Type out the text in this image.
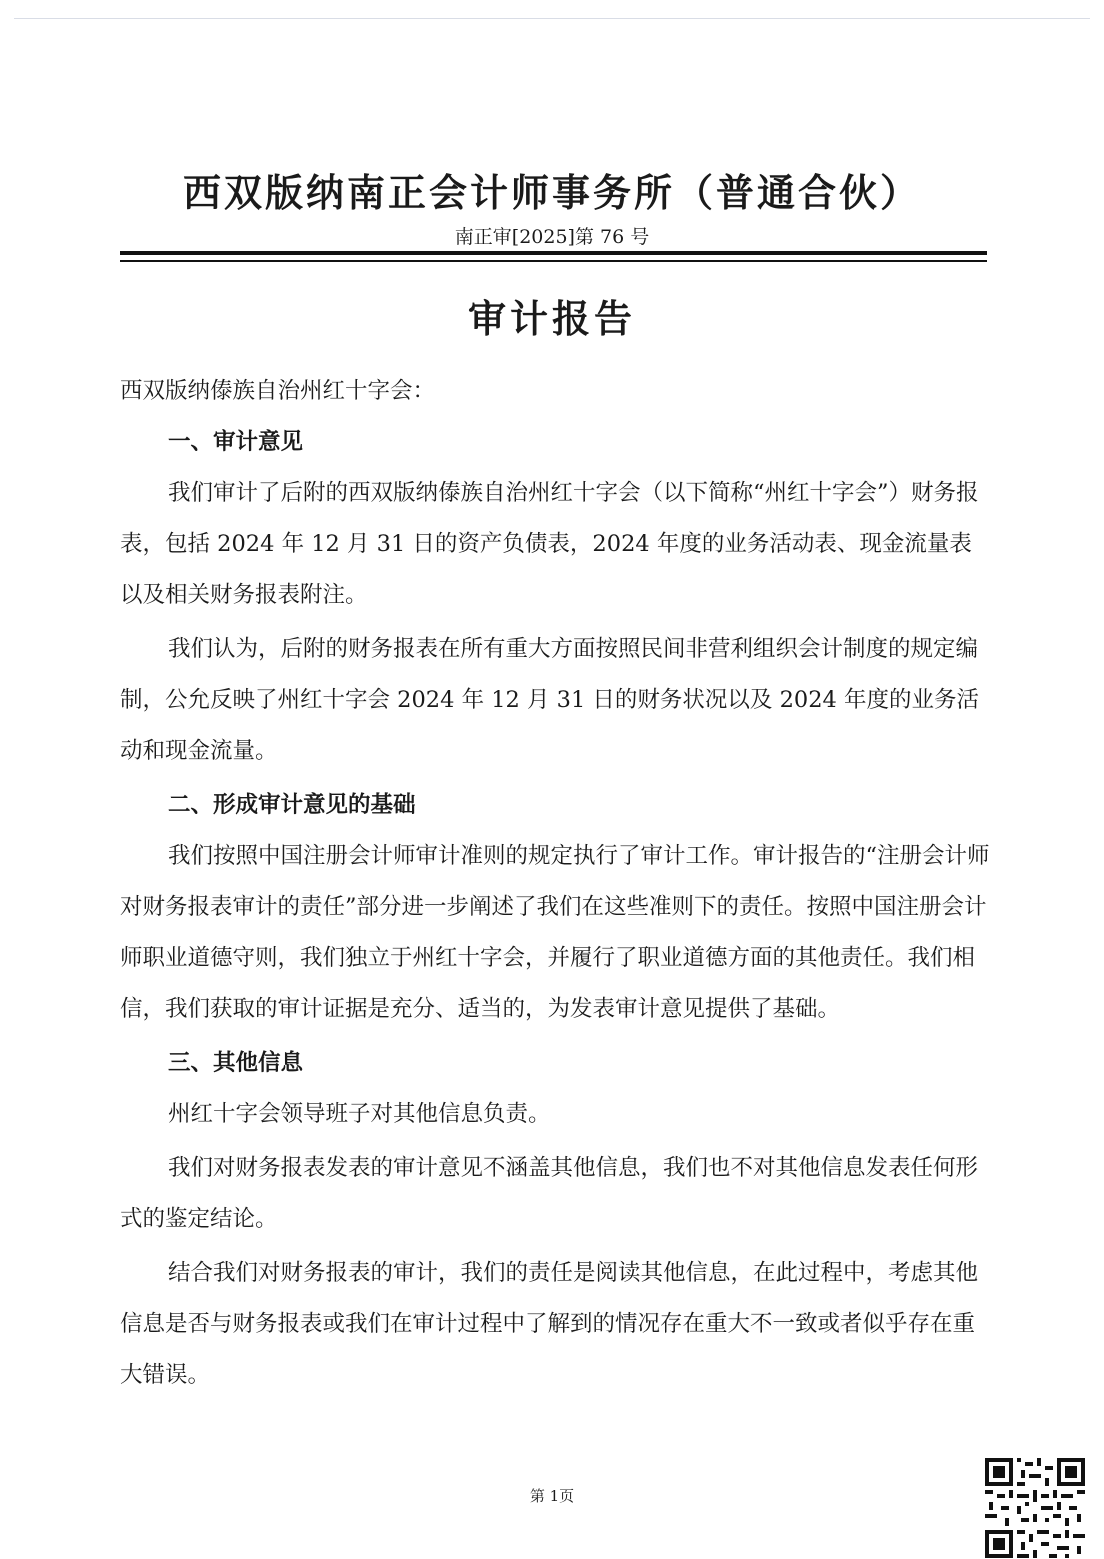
西双版纳南正会计师事务所（普通合伙）
南正审[2025]第 76 号
审计报告

西双版纳傣族自治州红十字会：

一、审计意见

我们审计了后附的西双版纳傣族自治州红十字会（以下简称“州红十字会”）财务报表，包括 2024 年 12 月 31 日的资产负债表，2024 年度的业务活动表、现金流量表以及相关财务报表附注。

我们认为，后附的财务报表在所有重大方面按照民间非营利组织会计制度的规定编制，公允反映了州红十字会 2024 年 12 月 31 日的财务状况以及 2024 年度的业务活动和现金流量。

二、形成审计意见的基础

我们按照中国注册会计师审计准则的规定执行了审计工作。审计报告的“注册会计师对财务报表审计的责任”部分进一步阐述了我们在这些准则下的责任。按照中国注册会计师职业道德守则，我们独立于州红十字会，并履行了职业道德方面的其他责任。我们相信，我们获取的审计证据是充分、适当的，为发表审计意见提供了基础。

三、其他信息

州红十字会领导班子对其他信息负责。

我们对财务报表发表的审计意见不涵盖其他信息，我们也不对其他信息发表任何形式的鉴定结论。

结合我们对财务报表的审计，我们的责任是阅读其他信息，在此过程中，考虑其他信息是否与财务报表或我们在审计过程中了解到的情况存在重大不一致或者似乎存在重大错误。

第 1页
